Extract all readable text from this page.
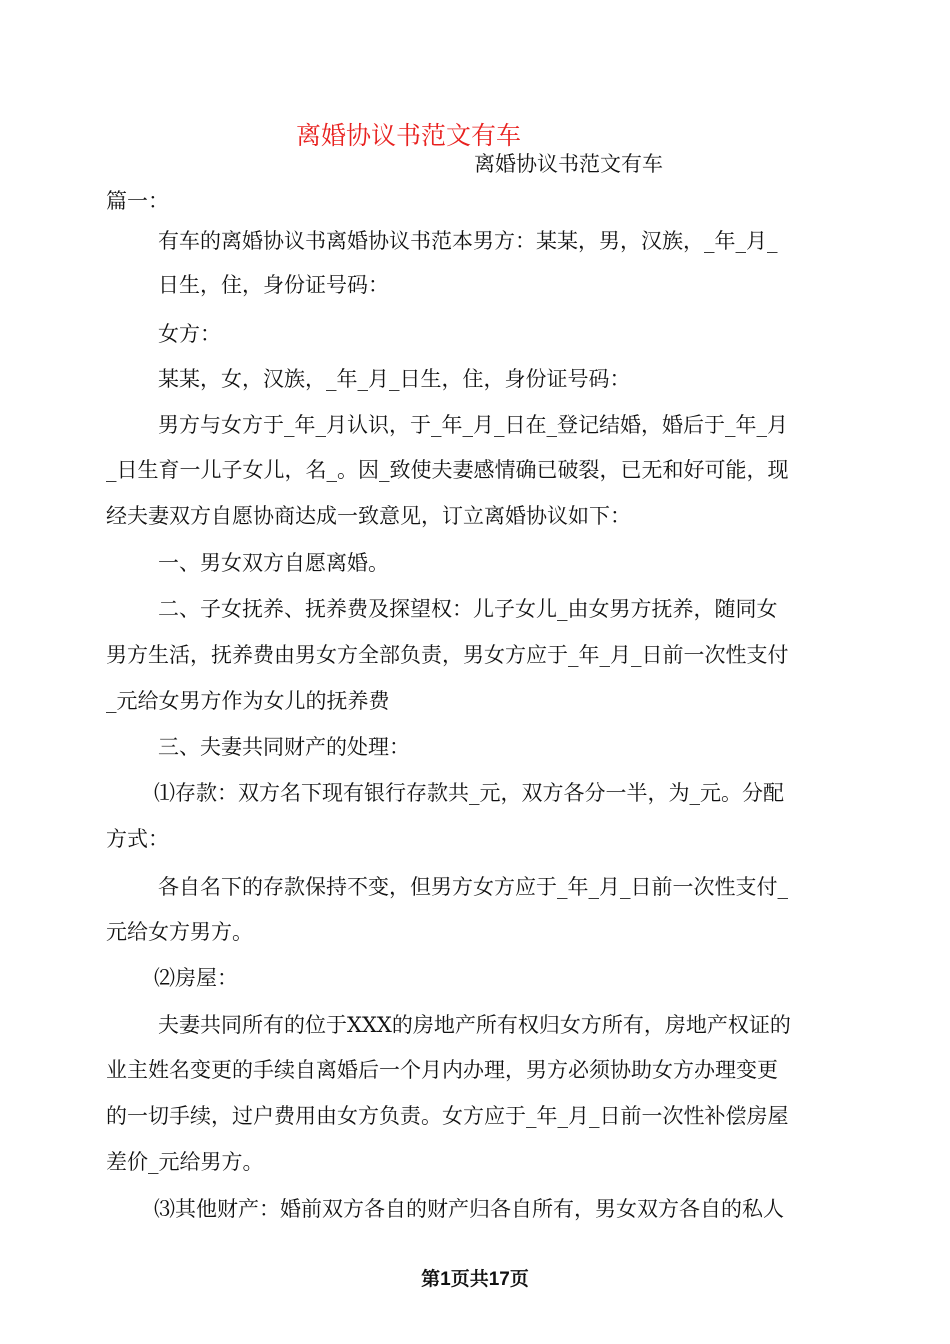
离婚协议书范文有车
离婚协议书范文有车
篇一：
有车的离婚协议书离婚协议书范本男方：某某，男，汉族，_年_月_
日生，住，身份证号码：
女方：
某某，女，汉族，_年_月_日生，住，身份证号码：
男方与女方于_年_月认识，于_年_月_日在_登记结婚，婚后于_年_月
_日生育一儿子女儿，名_。因_致使夫妻感情确已破裂，已无和好可能，现
经夫妻双方自愿协商达成一致意见，订立离婚协议如下：
一、男女双方自愿离婚。
二、子女抚养、抚养费及探望权：儿子女儿_由女男方抚养，随同女
男方生活，抚养费由男女方全部负责，男女方应于_年_月_日前一次性支付
_元给女男方作为女儿的抚养费
三、夫妻共同财产的处理：
⑴存款：双方名下现有银行存款共_元，双方各分一半，为_元。分配
方式：
各自名下的存款保持不变，但男方女方应于_年_月_日前一次性支付_
元给女方男方。
⑵房屋：
夫妻共同所有的位于XXX的房地产所有权归女方所有，房地产权证的
业主姓名变更的手续自离婚后一个月内办理，男方必须协助女方办理变更
的一切手续，过户费用由女方负责。女方应于_年_月_日前一次性补偿房屋
差价_元给男方。
⑶其他财产：婚前双方各自的财产归各自所有，男女双方各自的私人
第1页共17页
